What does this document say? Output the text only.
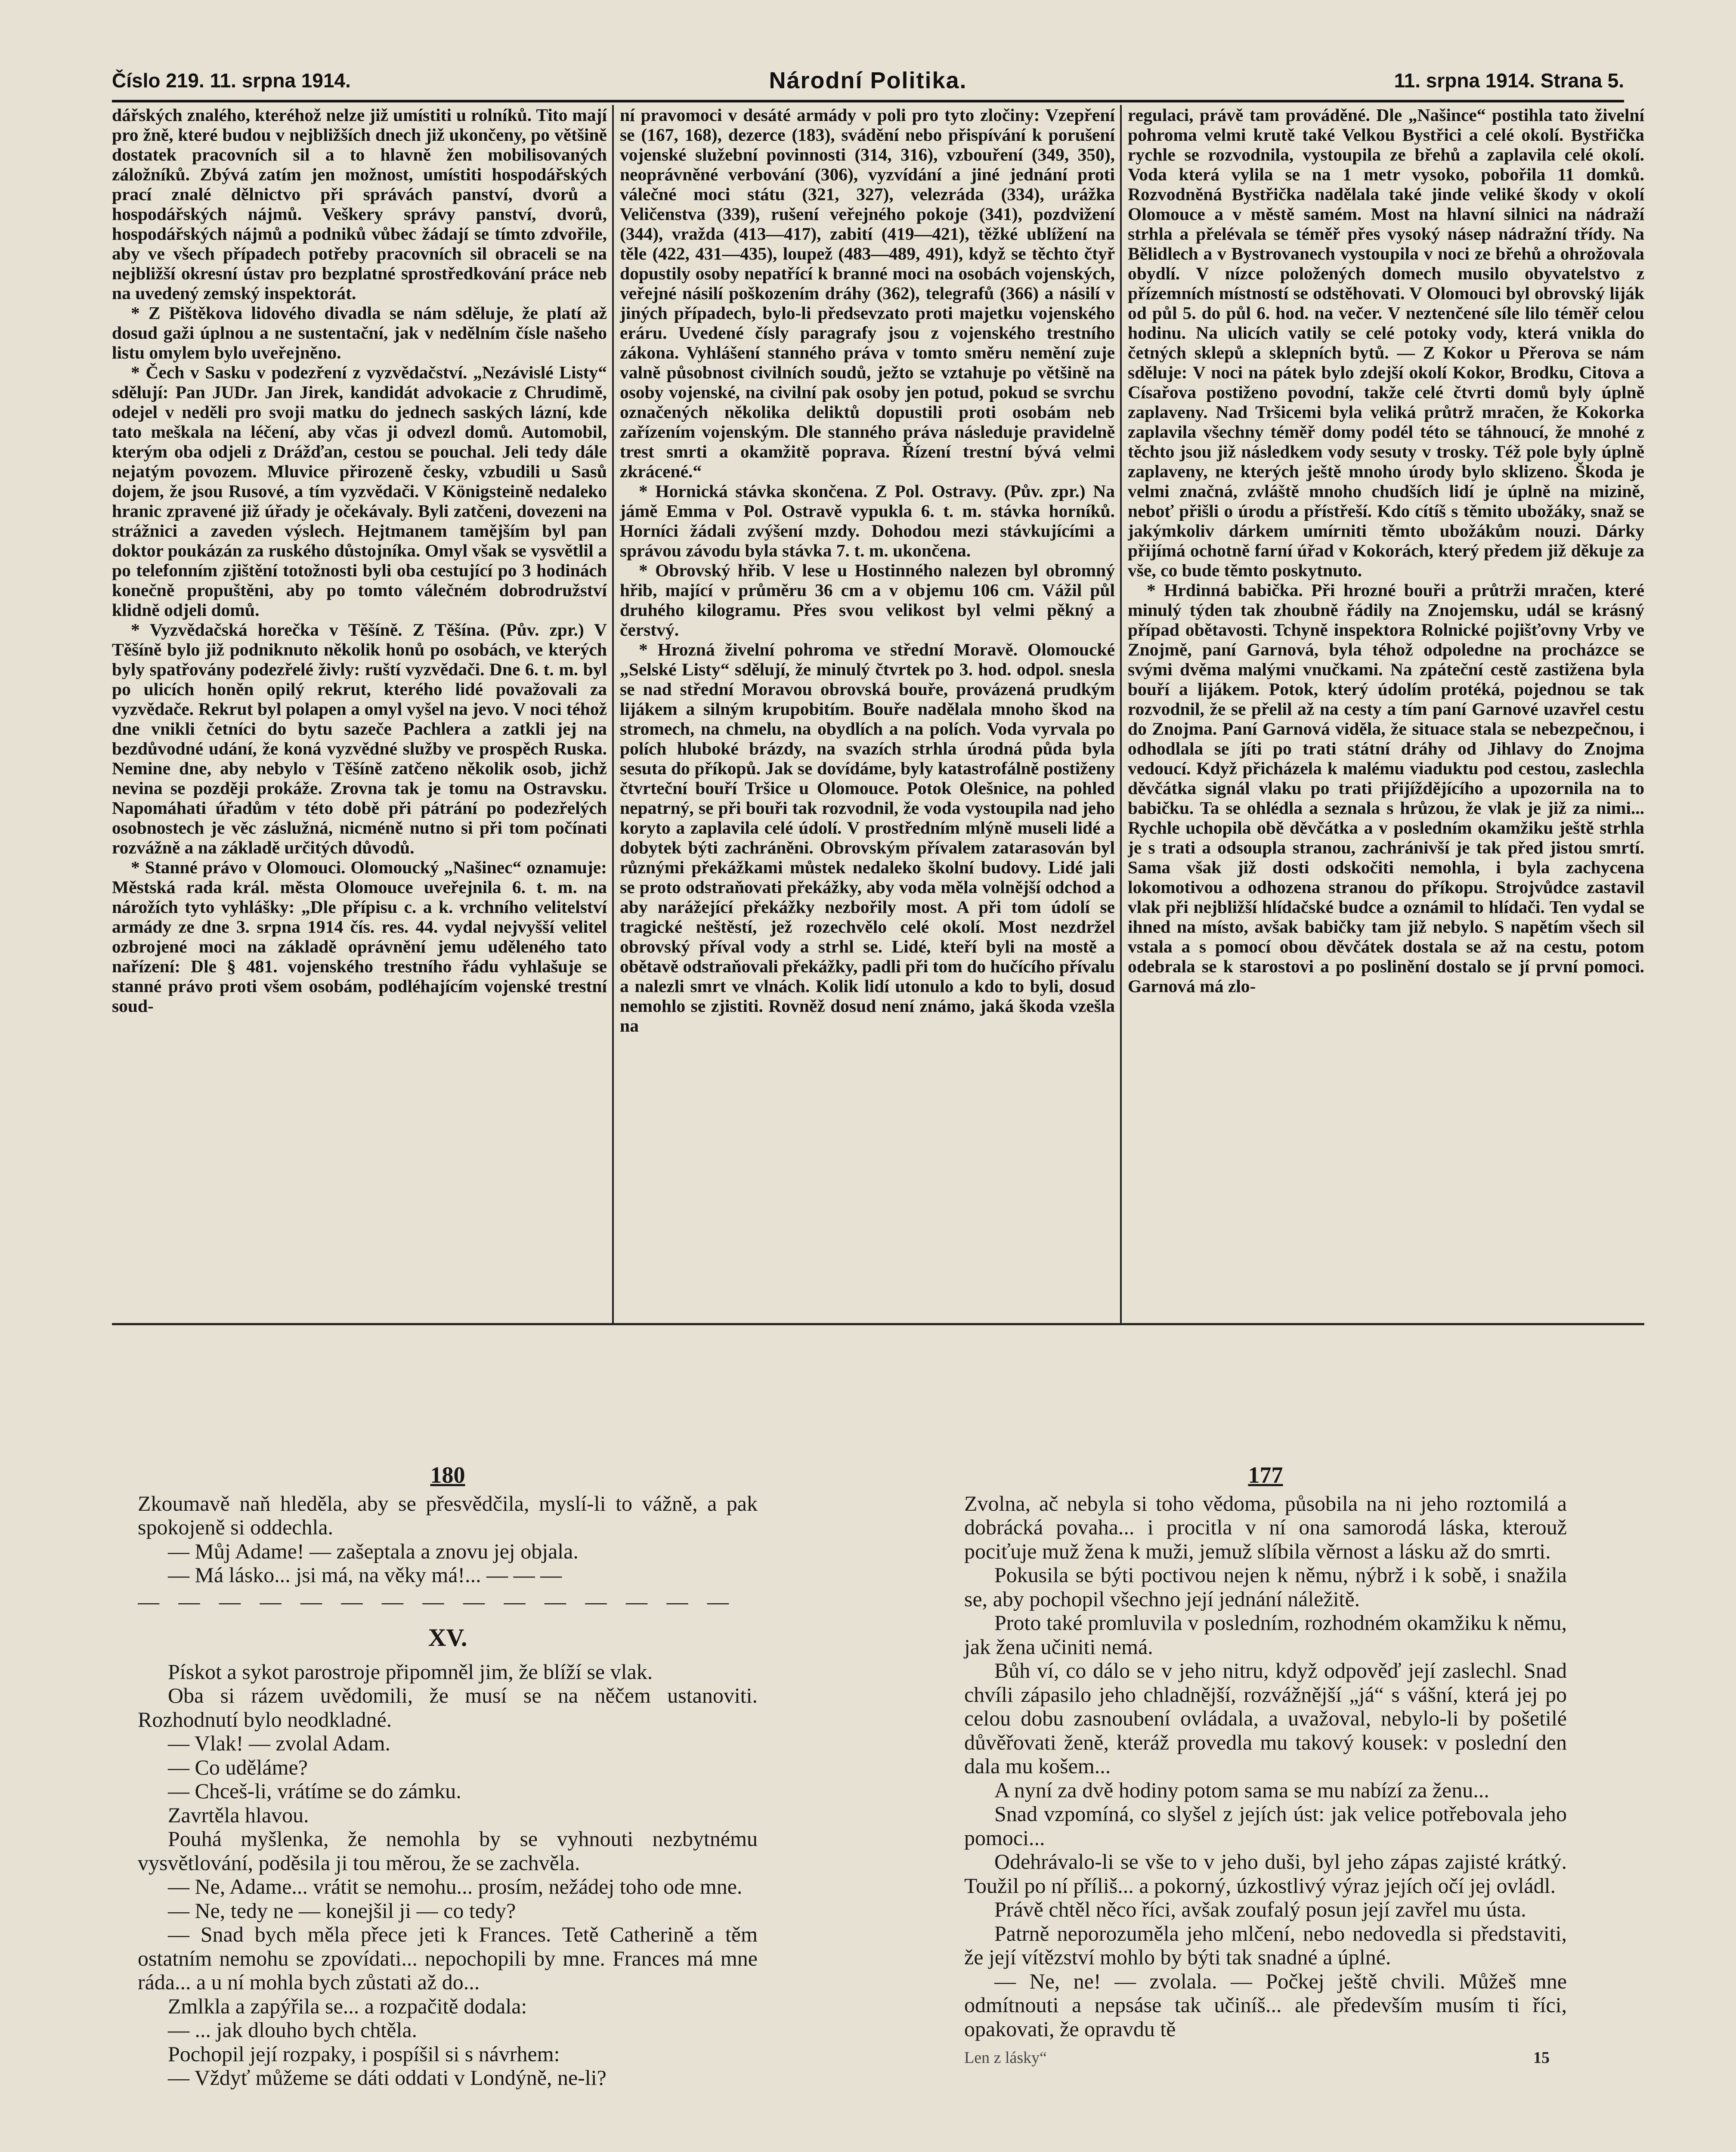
Číslo 219. 11. srpna 1914.	Národní Politika.	11. srpna 1914. Strana 5.

dářských znalého, kteréhož nelze již umístiti u rolníků. Tito mají pro žně, které budou v nejbližších dnech již ukončeny, po většině dostatek pracovních sil a to hlavně žen mobilisovaných záložníků. Zbývá zatím jen možnost, umístiti hospodářských prací znalé dělnictvo při správách panství, dvorů a hospodářských nájmů. Veškery správy panství, dvorů, hospodářských nájmů a podniků vůbec žádají se tímto zdvořile, aby ve všech případech potřeby pracovních sil obraceli se na nejbližší okresní ústav pro bezplatné sprostředkování práce neb na uvedený zemský inspektorát.

* Z Pištěkova lidového divadla se nám sděluje, že platí až dosud gaži úplnou a ne sustentační, jak v nedělním čísle našeho listu omylem bylo uveřejněno.

* Čech v Sasku v podezření z vyzvědačství. „Nezávislé Listy“ sdělují: Pan JUDr. Jan Jirek, kandidát advokacie z Chrudimě, odejel v neděli pro svoji matku do jednech saských lázní, kde tato meškala na léčení, aby včas ji odvezl domů. Automobil, kterým oba odjeli z Drážďan, cestou se pouchal. Jeli tedy dále nejatým povozem. Mluvice přirozeně česky, vzbudili u Sasů dojem, že jsou Rusové, a tím vyzvědači. V Königsteině nedaleko hranic zpravené již úřady je očekávaly. Byli zatčeni, dovezeni na strážnici a zaveden výslech. Hejtmanem tamějším byl pan doktor poukázán za ruského důstojníka. Omyl však se vysvětlil a po telefonním zjištění totožnosti byli oba cestující po 3 hodinách konečně propuštěni, aby po tomto válečném dobrodružství klidně odjeli domů.

* Vyzvědačská horečka v Těšíně. Z Těšína. (Pův. zpr.) V Těšíně bylo již podniknuto několik honů po osobách, ve kterých byly spatřovány podezřelé živly: ruští vyzvědači. Dne 6. t. m. byl po ulicích honěn opilý rekrut, kterého lidé považovali za vyzvědače. Rekrut byl polapen a omyl vyšel na jevo. V noci téhož dne vnikli četníci do bytu sazeče Pachlera a zatkli jej na bezdůvodné udání, že koná vyzvědné služby ve prospěch Ruska. Nemine dne, aby nebylo v Těšíně zatčeno několik osob, jichž nevina se později prokáže. Zrovna tak je tomu na Ostravsku. Napomáhati úřadům v této době při pátrání po podezřelých osobnostech je věc záslužná, nicméně nutno si při tom počínati rozvážně a na základě určitých důvodů.

* Stanné právo v Olomouci. Olomoucký „Našinec“ oznamuje: Městská rada král. města Olomouce uveřejnila 6. t. m. na nárožích tyto vyhlášky: „Dle přípisu c. a k. vrchního velitelství armády ze dne 3. srpna 1914 čís. res. 44. vydal nejvyšší velitel ozbrojené moci na základě oprávnění jemu uděleného tato nařízení: Dle § 481. vojenského trestního řádu vyhlašuje se stanné právo proti všem osobám, podléhajícím vojenské trestní soud-

ní pravomoci v desáté armády v poli pro tyto zločiny: Vzepření se (167, 168), dezerce (183), svádění nebo přispívání k porušení vojenské služební povinnosti (314, 316), vzbouření (349, 350), neoprávněné verbování (306), vyzvídání a jiné jednání proti válečné moci státu (321, 327), velezráda (334), urážka Veličenstva (339), rušení veřejného pokoje (341), pozdvižení (344), vražda (413—417), zabití (419—421), těžké ublížení na těle (422, 431—435), loupež (483—489, 491), když se těchto čtyř dopustily osoby nepatřící k branné moci na osobách vojenských, veřejné násilí poškozením dráhy (362), telegrafů (366) a násilí v jiných případech, bylo-li předsevzato proti majetku vojenského eráru. Uvedené čísly paragrafy jsou z vojenského trestního zákona. Vyhlášení stanného práva v tomto směru nemění zuje valně působnost civilních soudů, ježto se vztahuje po většině na osoby vojenské, na civilní pak osoby jen potud, pokud se svrchu označených několika deliktů dopustili proti osobám neb zařízením vojenským. Dle stanného práva následuje pravidelně trest smrti a okamžitě poprava. Řízení trestní bývá velmi zkrácené.“

* Hornická stávka skončena. Z Pol. Ostravy. (Pův. zpr.) Na jámě Emma v Pol. Ostravě vypukla 6. t. m. stávka horníků. Horníci žádali zvýšení mzdy. Dohodou mezi stávkujícími a správou závodu byla stávka 7. t. m. ukončena.

* Obrovský hřib. V lese u Hostinného nalezen byl obromný hřib, mající v průměru 36 cm a v objemu 106 cm. Vážil půl druhého kilogramu. Přes svou velikost byl velmi pěkný a čerstvý.

* Hrozná živelní pohroma ve střední Moravě. Olomoucké „Selské Listy“ sdělují, že minulý čtvrtek po 3. hod. odpol. snesla se nad střední Moravou obrovská bouře, provázená prudkým lijákem a silným krupobitím. Bouře nadělala mnoho škod na stromech, na chmelu, na obydlích a na polích. Voda vyrvala po polích hluboké brázdy, na svazích strhla úrodná půda byla sesuta do příkopů. Jak se dovídáme, byly katastrofálně postiženy čtvrteční bouří Tršice u Olomouce. Potok Olešnice, na pohled nepatrný, se při bouři tak rozvodnil, že voda vystoupila nad jeho koryto a zaplavila celé údolí. V prostředním mlýně museli lidé a dobytek býti zachráněni. Obrovským přívalem zatarasován byl různými překážkami můstek nedaleko školní budovy. Lidé jali se proto odstraňovati překážky, aby voda měla volnější odchod a aby narážející překážky nezbořily most. A při tom údolí se tragické neštěstí, jež rozechvělo celé okolí. Most nezdržel obrovský příval vody a strhl se. Lidé, kteří byli na mostě a obětavě odstraňovali překážky, padli při tom do hučícího přívalu a nalezli smrt ve vlnách. Kolik lidí utonulo a kdo to byli, dosud nemohlo se zjistiti. Rovněž dosud není známo, jaká škoda vzešla na

regulaci, právě tam prováděné. Dle „Našince“ postihla tato živelní pohroma velmi krutě také Velkou Bystřici a celé okolí. Bystřička rychle se rozvodnila, vystoupila ze břehů a zaplavila celé okolí. Voda která vylila se na 1 metr vysoko, pobořila 11 domků. Rozvodněná Bystřička nadělala také jinde veliké škody v okolí Olomouce a v městě samém. Most na hlavní silnici na nádraží strhla a přelévala se téměř přes vysoký násep nádražní třídy. Na Bělidlech a v Bystrovanech vystoupila v noci ze břehů a ohrožovala obydlí. V nízce položených domech musilo obyvatelstvo z přízemních místností se odstěhovati. V Olomouci byl obrovský liják od půl 5. do půl 6. hod. na večer. V neztenčené síle lilo téměř celou hodinu. Na ulicích vatily se celé potoky vody, která vnikla do četných sklepů a sklepních bytů. — Z Kokor u Přerova se nám sděluje: V noci na pátek bylo zdejší okolí Kokor, Brodku, Citova a Císařova postiženo povodní, takže celé čtvrti domů byly úplně zaplaveny. Nad Tršicemi byla veliká průtrž mračen, že Kokorka zaplavila všechny téměř domy podél této se táhnoucí, že mnohé z těchto jsou již následkem vody sesuty v trosky. Též pole byly úplně zaplaveny, ne kterých ještě mnoho úrody bylo sklizeno. Škoda je velmi značná, zvláště mnoho chudších lidí je úplně na mizině, neboť přišli o úrodu a přístřeší. Kdo cítíš s těmito ubožáky, snaž se jakýmkoliv dárkem umírniti těmto ubožákům nouzi. Dárky přijímá ochotně farní úřad v Kokorách, který předem již děkuje za vše, co bude těmto poskytnuto.

* Hrdinná babička. Při hrozné bouři a průtrži mračen, které minulý týden tak zhoubně řádily na Znojemsku, udál se krásný případ obětavosti. Tchyně inspektora Rolnické pojišťovny Vrby ve Znojmě, paní Garnová, byla téhož odpoledne na procházce se svými dvěma malými vnučkami. Na zpáteční cestě zastižena byla bouří a lijákem. Potok, který údolím protéká, pojednou se tak rozvodnil, že se přelil až na cesty a tím paní Garnové uzavřel cestu do Znojma. Paní Garnová viděla, že situace stala se nebezpečnou, i odhodlala se jíti po trati státní dráhy od Jihlavy do Znojma vedoucí. Když přicházela k malému viaduktu pod cestou, zaslechla děvčátka signál vlaku po trati přijíždějícího a upozornila na to babičku. Ta se ohlédla a seznala s hrůzou, že vlak je již za nimi... Rychle uchopila obě děvčátka a v posledním okamžiku ještě strhla je s trati a odsoupla stranou, zachránivší je tak před jistou smrtí. Sama však již dosti odskočiti nemohla, i byla zachycena lokomotivou a odhozena stranou do příkopu. Strojvůdce zastavil vlak při nejbližší hlídačské budce a oznámil to hlídači. Ten vydal se ihned na místo, avšak babičky tam již nebylo. S napětím všech sil vstala a s pomocí obou děvčátek dostala se až na cestu, potom odebrala se k starostovi a po poslinění dostalo se jí první pomoci. Garnová má zlo-

180

Zkoumavě naň hleděla, aby se přesvědčila, myslí-li to vážně, a pak spokojeně si oddechla.

— Můj Adame! — zašeptala a znovu jej objala.

— Má lásko... jsi má, na věky má!... — — —

— — — — — — — — — — — — — — —

XV.

Pískot a sykot parostroje připomněl jim, že blíží se vlak.

Oba si rázem uvědomili, že musí se na něčem ustanoviti. Rozhodnutí bylo neodkladné.

— Vlak! — zvolal Adam.

— Co uděláme?

— Chceš-li, vrátíme se do zámku.

Zavrtěla hlavou.

Pouhá myšlenka, že nemohla by se vyhnouti nezbytnému vysvětlování, poděsila ji tou měrou, že se zachvěla.

— Ne, Adame... vrátit se nemohu... prosím, nežádej toho ode mne.

— Ne, tedy ne — konejšil ji — co tedy?

— Snad bych měla přece jeti k Frances. Tetě Catherině a těm ostatním nemohu se zpovídati... nepochopili by mne. Frances má mne ráda... a u ní mohla bych zůstati až do...

Zmlkla a zapýřila se... a rozpačitě dodala:

— ... jak dlouho bych chtěla.

Pochopil její rozpaky, i pospíšil si s návrhem:

— Vždyť můžeme se dáti oddati v Londýně, ne-li?

177

Zvolna, ač nebyla si toho vědoma, působila na ni jeho roztomilá a dobrácká povaha... i procitla v ní ona samorodá láska, kterouž pociťuje muž žena k muži, jemuž slíbila věrnost a lásku až do smrti.

Pokusila se býti poctivou nejen k němu, nýbrž i k sobě, i snažila se, aby pochopil všechno její jednání náležitě.

Proto také promluvila v posledním, rozhodném okamžiku k němu, jak žena učiniti nemá.

Bůh ví, co dálo se v jeho nitru, když odpověď její zaslechl. Snad chvíli zápasilo jeho chladnější, rozvážnější „já“ s vášní, která jej po celou dobu zasnoubení ovládala, a uvažoval, nebylo-li by pošetilé důvěřovati ženě, kteráž provedla mu takový kousek: v poslední den dala mu košem...

A nyní za dvě hodiny potom sama se mu nabízí za ženu...

Snad vzpomíná, co slyšel z jejích úst: jak velice potřebovala jeho pomoci...

Odehrávalo-li se vše to v jeho duši, byl jeho zápas zajisté krátký. Toužil po ní příliš... a pokorný, úzkostlivý výraz jejích očí jej ovládl.

Právě chtěl něco říci, avšak zoufalý posun její zavřel mu ústa.

Patrně neporozuměla jeho mlčení, nebo nedovedla si představiti, že její vítězství mohlo by býti tak snadné a úplné.

— Ne, ne! — zvolala. — Počkej ještě chvili. Můžeš mne odmítnouti a nepsáse tak učiníš... ale především musím ti říci, opakovati, že opravdu tě

Len z lásky“	15
